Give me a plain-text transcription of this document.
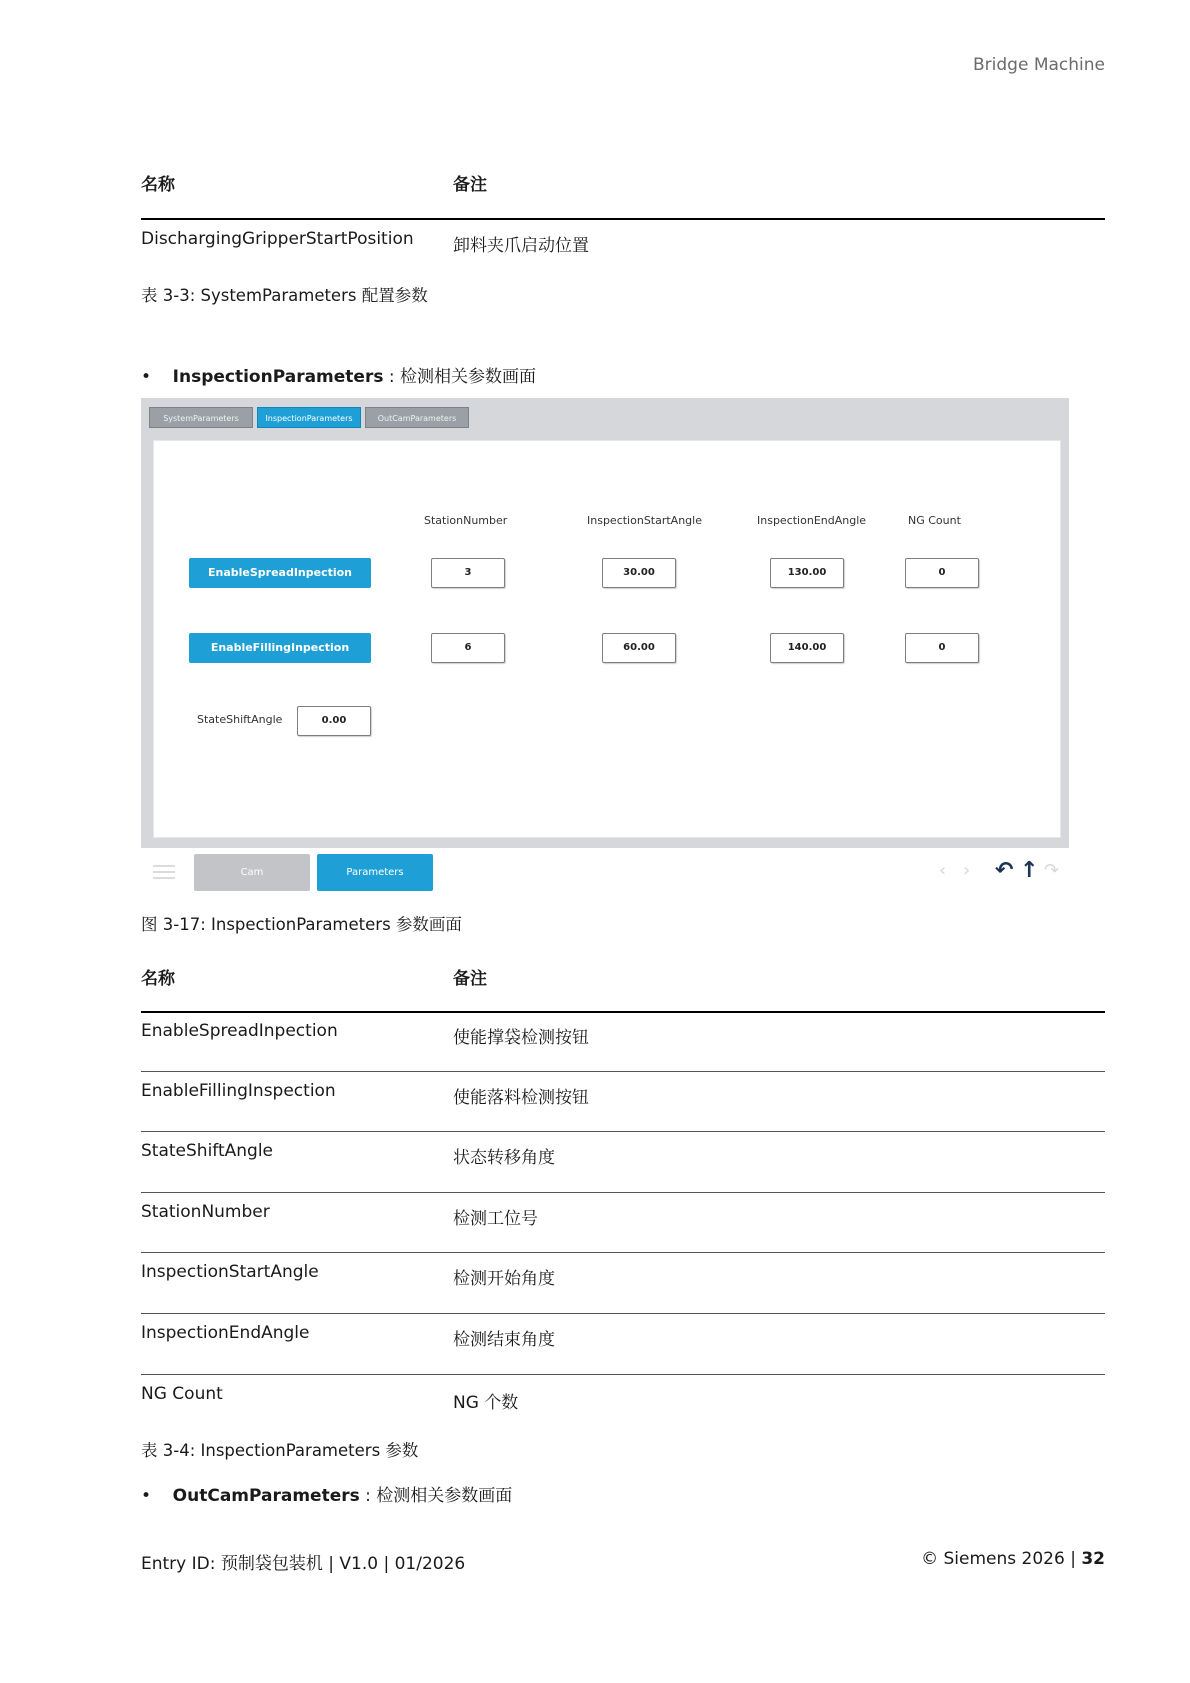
Bridge Machine
名称	备注
DischargingGripperStartPosition 卸料夹爪启动位置
表 3-3: SystemParameters 配置参数
•    InspectionParameters : 检测相关参数画面
SystemParameters	InspectionParameters	OutCamParameters
StationNumber	InspectionStartAngle	InspectionEndAngle	NG Count
EnableSpreadInpection	3	30.00	130.00	0
EnableFillingInpection	6	60.00	140.00	0
StateShiftAngle	0.00
Cam	Parameters	‹ › ↶ ↑ ↷
图 3-17: InspectionParameters 参数画面
名称	备注
EnableSpreadInpection	使能撑袋检测按钮
EnableFillingInspection	使能落料检测按钮
StateShiftAngle	状态转移角度
StationNumber	检测工位号
InspectionStartAngle	检测开始角度
InspectionEndAngle	检测结束角度
NG Count	NG 个数
表 3-4: InspectionParameters 参数
•    OutCamParameters : 检测相关参数画面
Entry ID: 预制袋包装机 | V1.0 | 01/2026	© Siemens 2026 | 32
